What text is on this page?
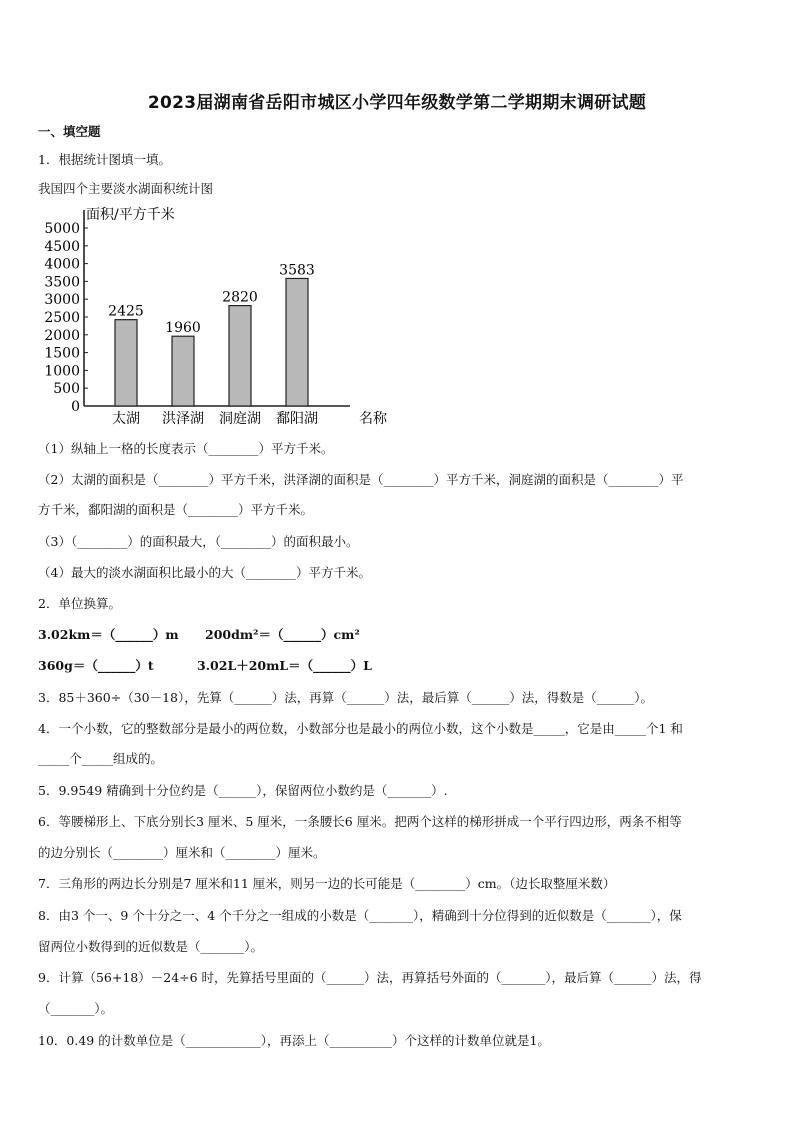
2023届湖南省岳阳市城区小学四年级数学第二学期期末调研试题
一、填空题
1．根据统计图填一填。
我国四个主要淡水湖面积统计图
面积/平方千米
0
500
1000
1500
2000
2500
3000
3500
4000
4500
5000
2425
太湖
1960
洪泽湖
2820
洞庭湖
3583
鄱阳湖	名称
（1）纵轴上一格的长度表示（________）平方千米。
（2）太湖的面积是（________）平方千米，洪泽湖的面积是（________）平方千米，洞庭湖的面积是（________）平
方千米，鄱阳湖的面积是（________）平方千米。
（3）（________）的面积最大，（________）的面积最小。
（4）最大的淡水湖面积比最小的大（________）平方千米。
2．单位换算。
3.02km＝（______）m 200dm²＝（______）cm²
360g＝（______）t	3.02L＋20mL＝（______）L
3．85＋360÷（30－18），先算（______）法，再算（______）法，最后算（______）法，得数是（______）。
4．一个小数，它的整数部分是最小的两位数，小数部分也是最小的两位小数，这个小数是_____，它是由_____个1 和
_____个_____组成的。
5．9.9549 精确到十分位约是（______），保留两位小数约是（_______）.
6．等腰梯形上、下底分别长3 厘米、5 厘米，一条腰长6 厘米。把两个这样的梯形拼成一个平行四边形，两条不相等
的边分别长（________）厘米和（________）厘米。
7．三角形的两边长分别是7 厘米和11 厘米，则另一边的长可能是（________）cm。（边长取整厘米数）
8．由3 个一、9 个十分之一、4 个千分之一组成的小数是（_______），精确到十分位得到的近似数是（_______），保
留两位小数得到的近似数是（_______）。
9．计算（56+18）－24÷6 时，先算括号里面的（______）法，再算括号外面的（_______），最后算（______）法，得
（_______）。
10．0.49 的计数单位是（____________），再添上（__________）个这样的计数单位就是1。
